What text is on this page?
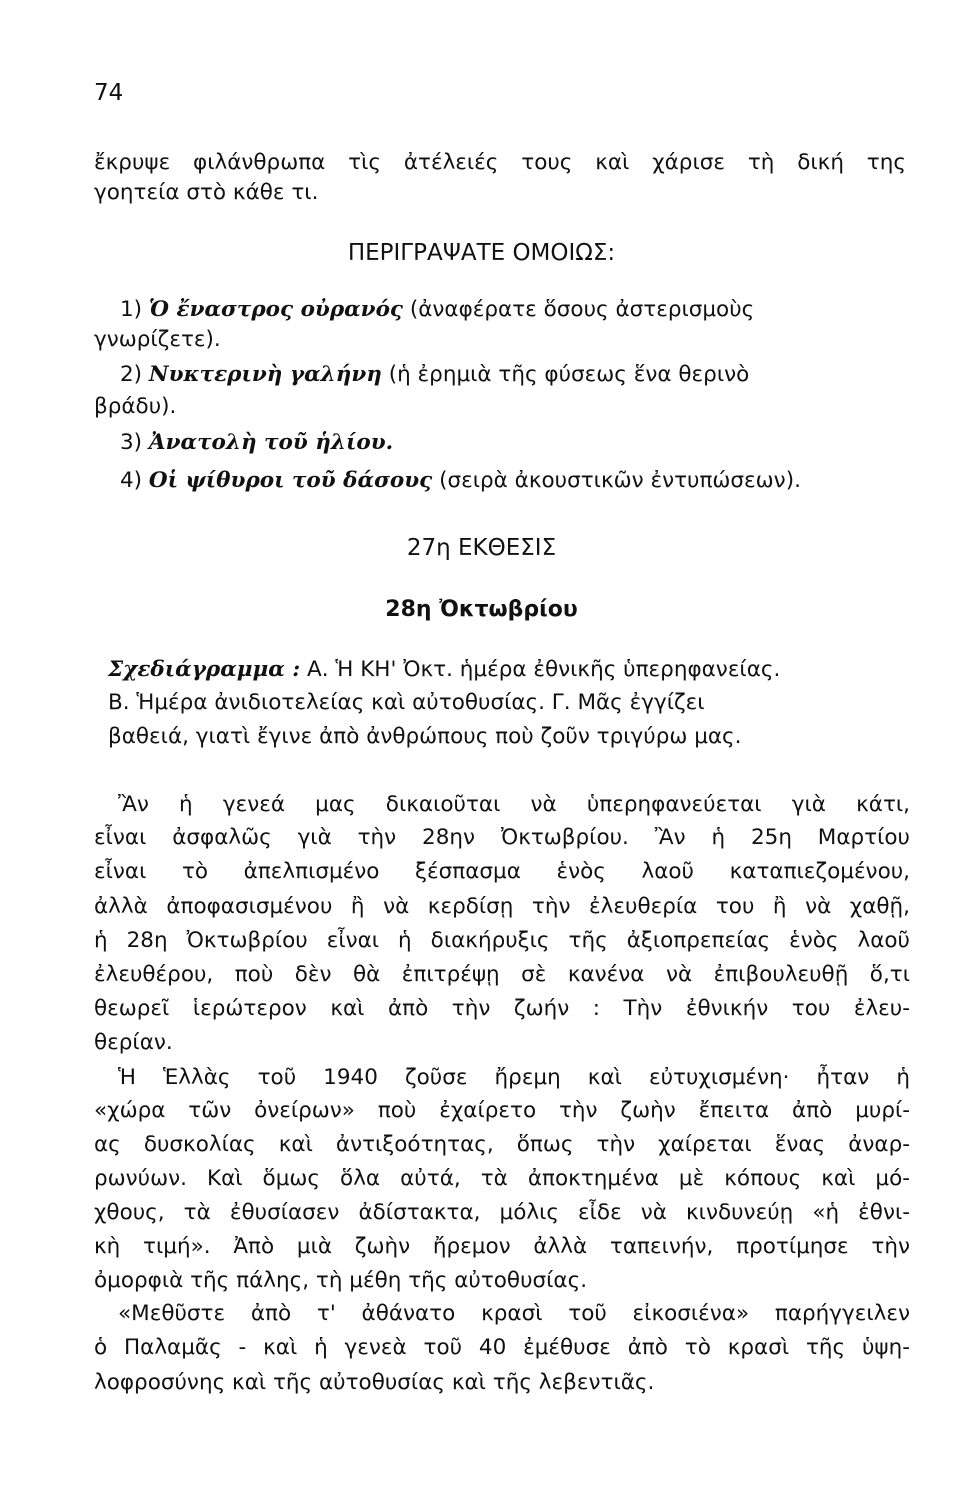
74
ἔκρυψε φιλάνθρωπα τὶς ἀτέλειές τους καὶ χάρισε τὴ δική της
γοητεία στὸ κάθε τι.
ΠΕΡΙΓΡΑΨΑΤΕ ΟΜΟΙΩΣ:
1) Ὁ ἔναστρος οὐρανός (ἀναφέρατε ὅσους ἀστερισμοὺς
γνωρίζετε).
2) Νυκτερινὴ γαλήνη (ἡ ἐρημιὰ τῆς φύσεως ἕνα θερινὸ
βράδυ).
3) Ἀνατολὴ τοῦ ἡλίου.
4) Οἱ ψίθυροι τοῦ δάσους (σειρὰ ἀκουστικῶν ἐντυπώσεων).
27η ΕΚΘΕΣΙΣ
28η Ὀκτωβρίου
Σχεδιάγραμμα : Α. Ἡ ΚΗ' Ὀκτ. ἡμέρα ἐθνικῆς ὑπερηφανείας.
Β. Ἡμέρα ἀνιδιοτελείας καὶ αὐτοθυσίας. Γ. Μᾶς ἐγγίζει
βαθειά, γιατὶ ἔγινε ἀπὸ ἀνθρώπους ποὺ ζοῦν τριγύρω μας.
Ἂν ἡ γενεά μας δικαιοῦται νὰ ὑπερηφανεύεται γιὰ κάτι,
εἶναι ἀσφαλῶς γιὰ τὴν 28ην Ὀκτωβρίου. Ἂν ἡ 25η Μαρτίου
εἶναι τὸ ἀπελπισμένο ξέσπασμα ἑνὸς λαοῦ καταπιεζομένου,
ἀλλὰ ἀποφασισμένου ἢ νὰ κερδίσῃ τὴν ἐλευθερία του ἢ νὰ χαθῇ,
ἡ 28η Ὀκτωβρίου εἶναι ἡ διακήρυξις τῆς ἀξιοπρεπείας ἑνὸς λαοῦ
ἐλευθέρου, ποὺ δὲν θὰ ἐπιτρέψῃ σὲ κανένα νὰ ἐπιβουλευθῇ ὅ,τι
θεωρεῖ ἱερώτερον καὶ ἀπὸ τὴν ζωήν : Τὴν ἐθνικήν του ἐλευ-
θερίαν.
Ἡ Ἑλλὰς τοῦ 1940 ζοῦσε ἤρεμη καὶ εὐτυχισμένη· ἦταν ἡ
«χώρα τῶν ὀνείρων» ποὺ ἐχαίρετο τὴν ζωὴν ἔπειτα ἀπὸ μυρί-
ας δυσκολίας καὶ ἀντιξοότητας, ὅπως τὴν χαίρεται ἕνας ἀναρ-
ρωνύων. Καὶ ὅμως ὅλα αὐτά, τὰ ἀποκτημένα μὲ κόπους καὶ μό-
χθους, τὰ ἐθυσίασεν ἀδίστακτα, μόλις εἶδε νὰ κινδυνεύῃ «ἡ ἐθνι-
κὴ τιμή». Ἀπὸ μιὰ ζωὴν ἤρεμον ἀλλὰ ταπεινήν, προτίμησε τὴν
ὀμορφιὰ τῆς πάλης, τὴ μέθη τῆς αὐτοθυσίας.
«Μεθῦστε ἀπὸ τ' ἀθάνατο κρασὶ τοῦ εἰκοσιένα» παρήγγειλεν
ὁ Παλαμᾶς - καὶ ἡ γενεὰ τοῦ 40 ἐμέθυσε ἀπὸ τὸ κρασὶ τῆς ὑψη-
λοφροσύνης καὶ τῆς αὐτοθυσίας καὶ τῆς λεβεντιᾶς.
